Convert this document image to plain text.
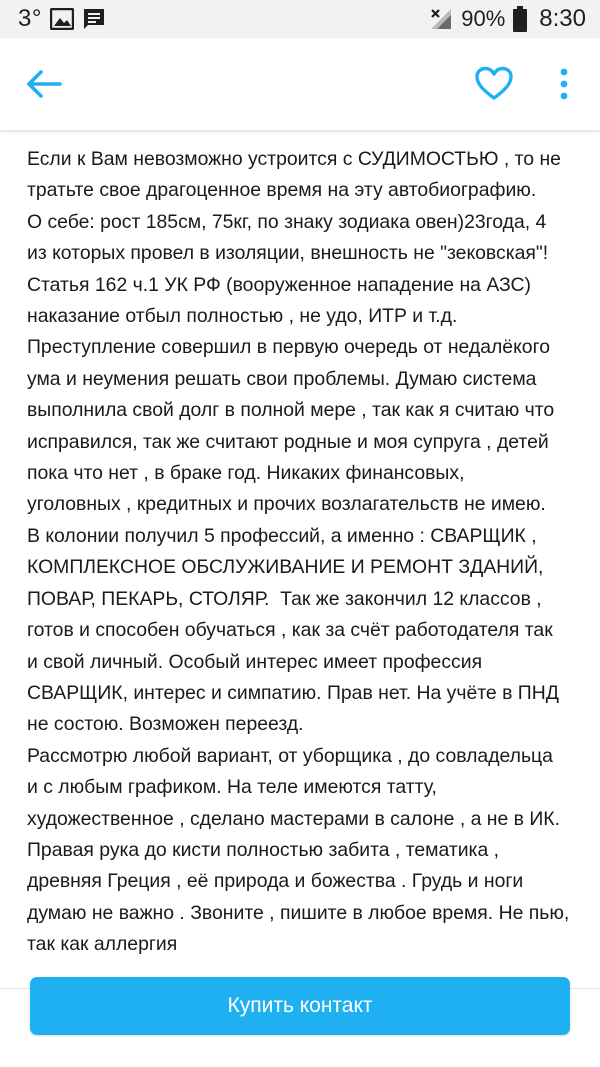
3°	90% 8:30

Если к Вам невозможно устроится с СУДИМОСТЬЮ , то не
тратьте свое драгоценное время на эту автобиографию.
О себе: рост 185см, 75кг, по знаку зодиака овен)23года, 4
из которых провел в изоляции, внешность не "зековская"!
Статья 162 ч.1 УК РФ (вооруженное нападение на АЗС)
наказание отбыл полностью , не удо, ИТР и т.д.
Преступление совершил в первую очередь от недалёкого
ума и неумения решать свои проблемы. Думаю система
выполнила свой долг в полной мере , так как я считаю что
исправился, так же считают родные и моя супруга , детей
пока что нет , в браке год. Никаких финансовых,
уголовных , кредитных и прочих возлагательств не имею.
В колонии получил 5 профессий, а именно : СВАРЩИК ,
КОМПЛЕКСНОЕ ОБСЛУЖИВАНИЕ И РЕМОНТ ЗДАНИЙ,
ПОВАР, ПЕКАРЬ, СТОЛЯР.  Так же закончил 12 классов ,
готов и способен обучаться , как за счёт работодателя так
и свой личный. Особый интерес имеет профессия
СВАРЩИК, интерес и симпатию. Прав нет. На учёте в ПНД
не состою. Возможен переезд.
Рассмотрю любой вариант, от уборщика , до совладельца
и с любым графиком. На теле имеются татту,
художественное , сделано мастерами в салоне , а не в ИК.
Правая рука до кисти полностью забита , тематика ,
древняя Греция , её природа и божества . Грудь и ноги
думаю не важно . Звоните , пишите в любое время. Не пью,
так как аллергия

Купить контакт
